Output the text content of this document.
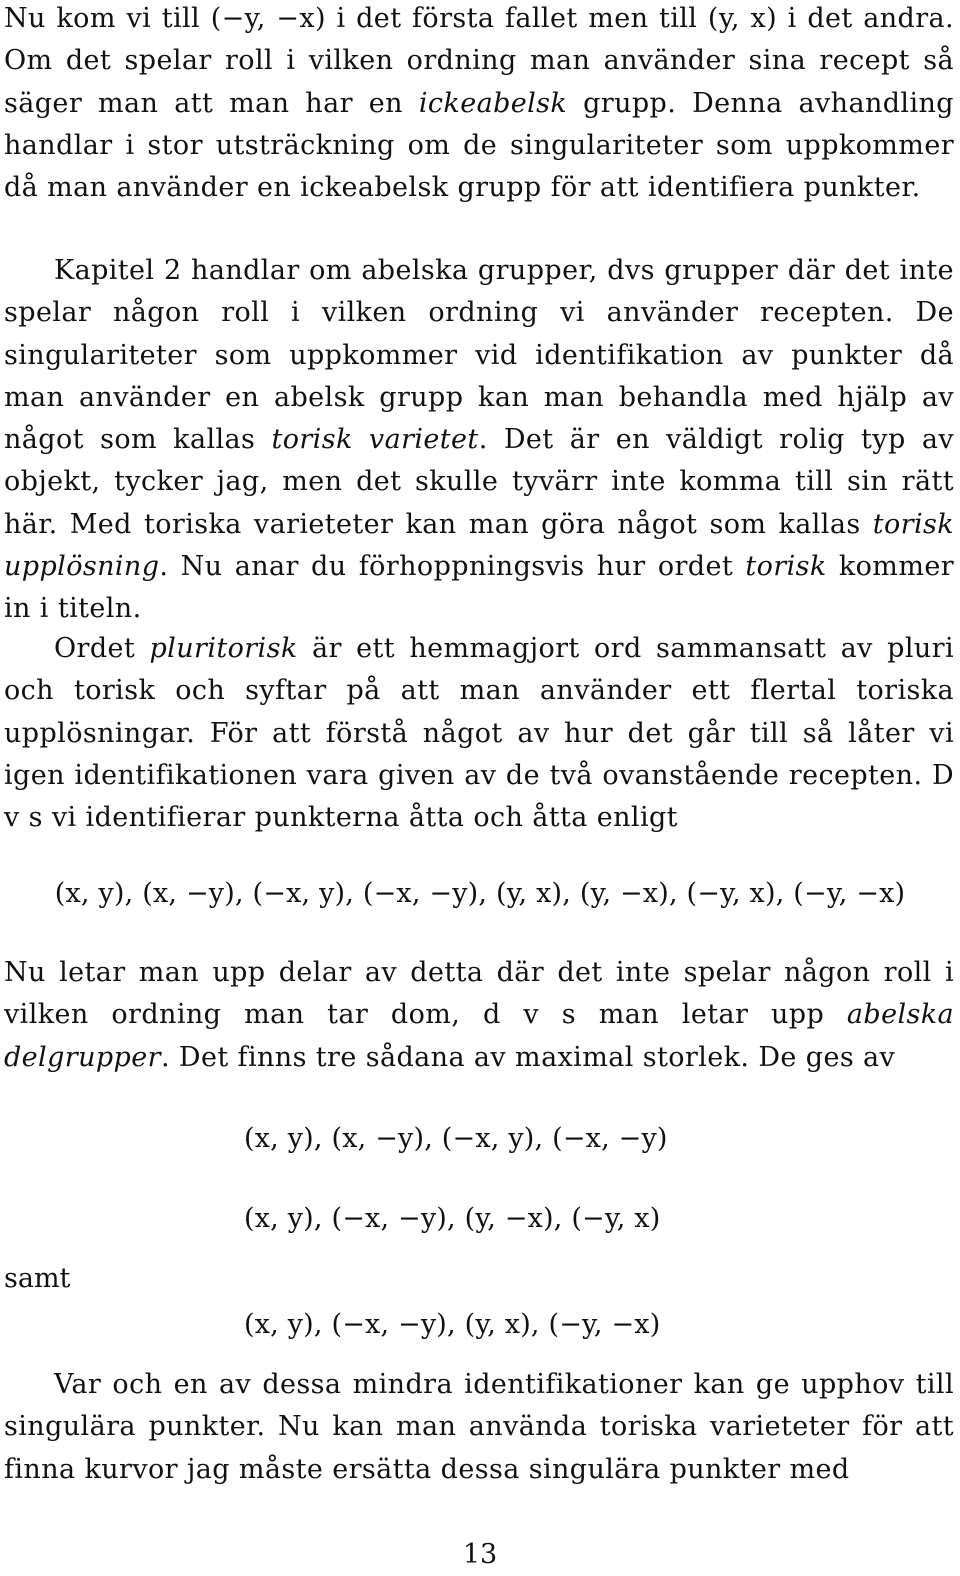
Nu kom vi till (−y, −x) i det första fallet men till (y, x) i det andra. Om det spelar roll i vilken ordning man använder sina recept så säger man att man har en ickeabelsk grupp. Denna avhandling handlar i stor utsträckning om de singulariteter som uppkommer då man använder en ickeabelsk grupp för att identifiera punkter.

Kapitel 2 handlar om abelska grupper, dvs grupper där det inte spelar någon roll i vilken ordning vi använder recepten. De singulariteter som uppkommer vid identifikation av punkter då man använder en abelsk grupp kan man behandla med hjälp av något som kallas torisk varietet. Det är en väldigt rolig typ av objekt, tycker jag, men det skulle tyvärr inte komma till sin rätt här. Med toriska varieteter kan man göra något som kallas torisk upplösning. Nu anar du förhoppningsvis hur ordet torisk kommer in i titeln.

Ordet pluritorisk är ett hemmagjort ord sammansatt av pluri och torisk och syftar på att man använder ett flertal toriska upplösningar. För att förstå något av hur det går till så låter vi igen identifikationen vara given av de två ovanstående recepten. D v s vi identifierar punkterna åtta och åtta enligt

(x, y), (x, −y), (−x, y), (−x, −y), (y, x), (y, −x), (−y, x), (−y, −x)

Nu letar man upp delar av detta där det inte spelar någon roll i vilken ordning man tar dom, d v s man letar upp abelska delgrupper. Det finns tre sådana av maximal storlek. De ges av

(x, y), (x, −y), (−x, y), (−x, −y)
(x, y), (−x, −y), (y, −x), (−y, x)
samt
(x, y), (−x, −y), (y, x), (−y, −x)

Var och en av dessa mindra identifikationer kan ge upphov till singulära punkter. Nu kan man använda toriska varieteter för att finna kurvor jag måste ersätta dessa singulära punkter med

13
